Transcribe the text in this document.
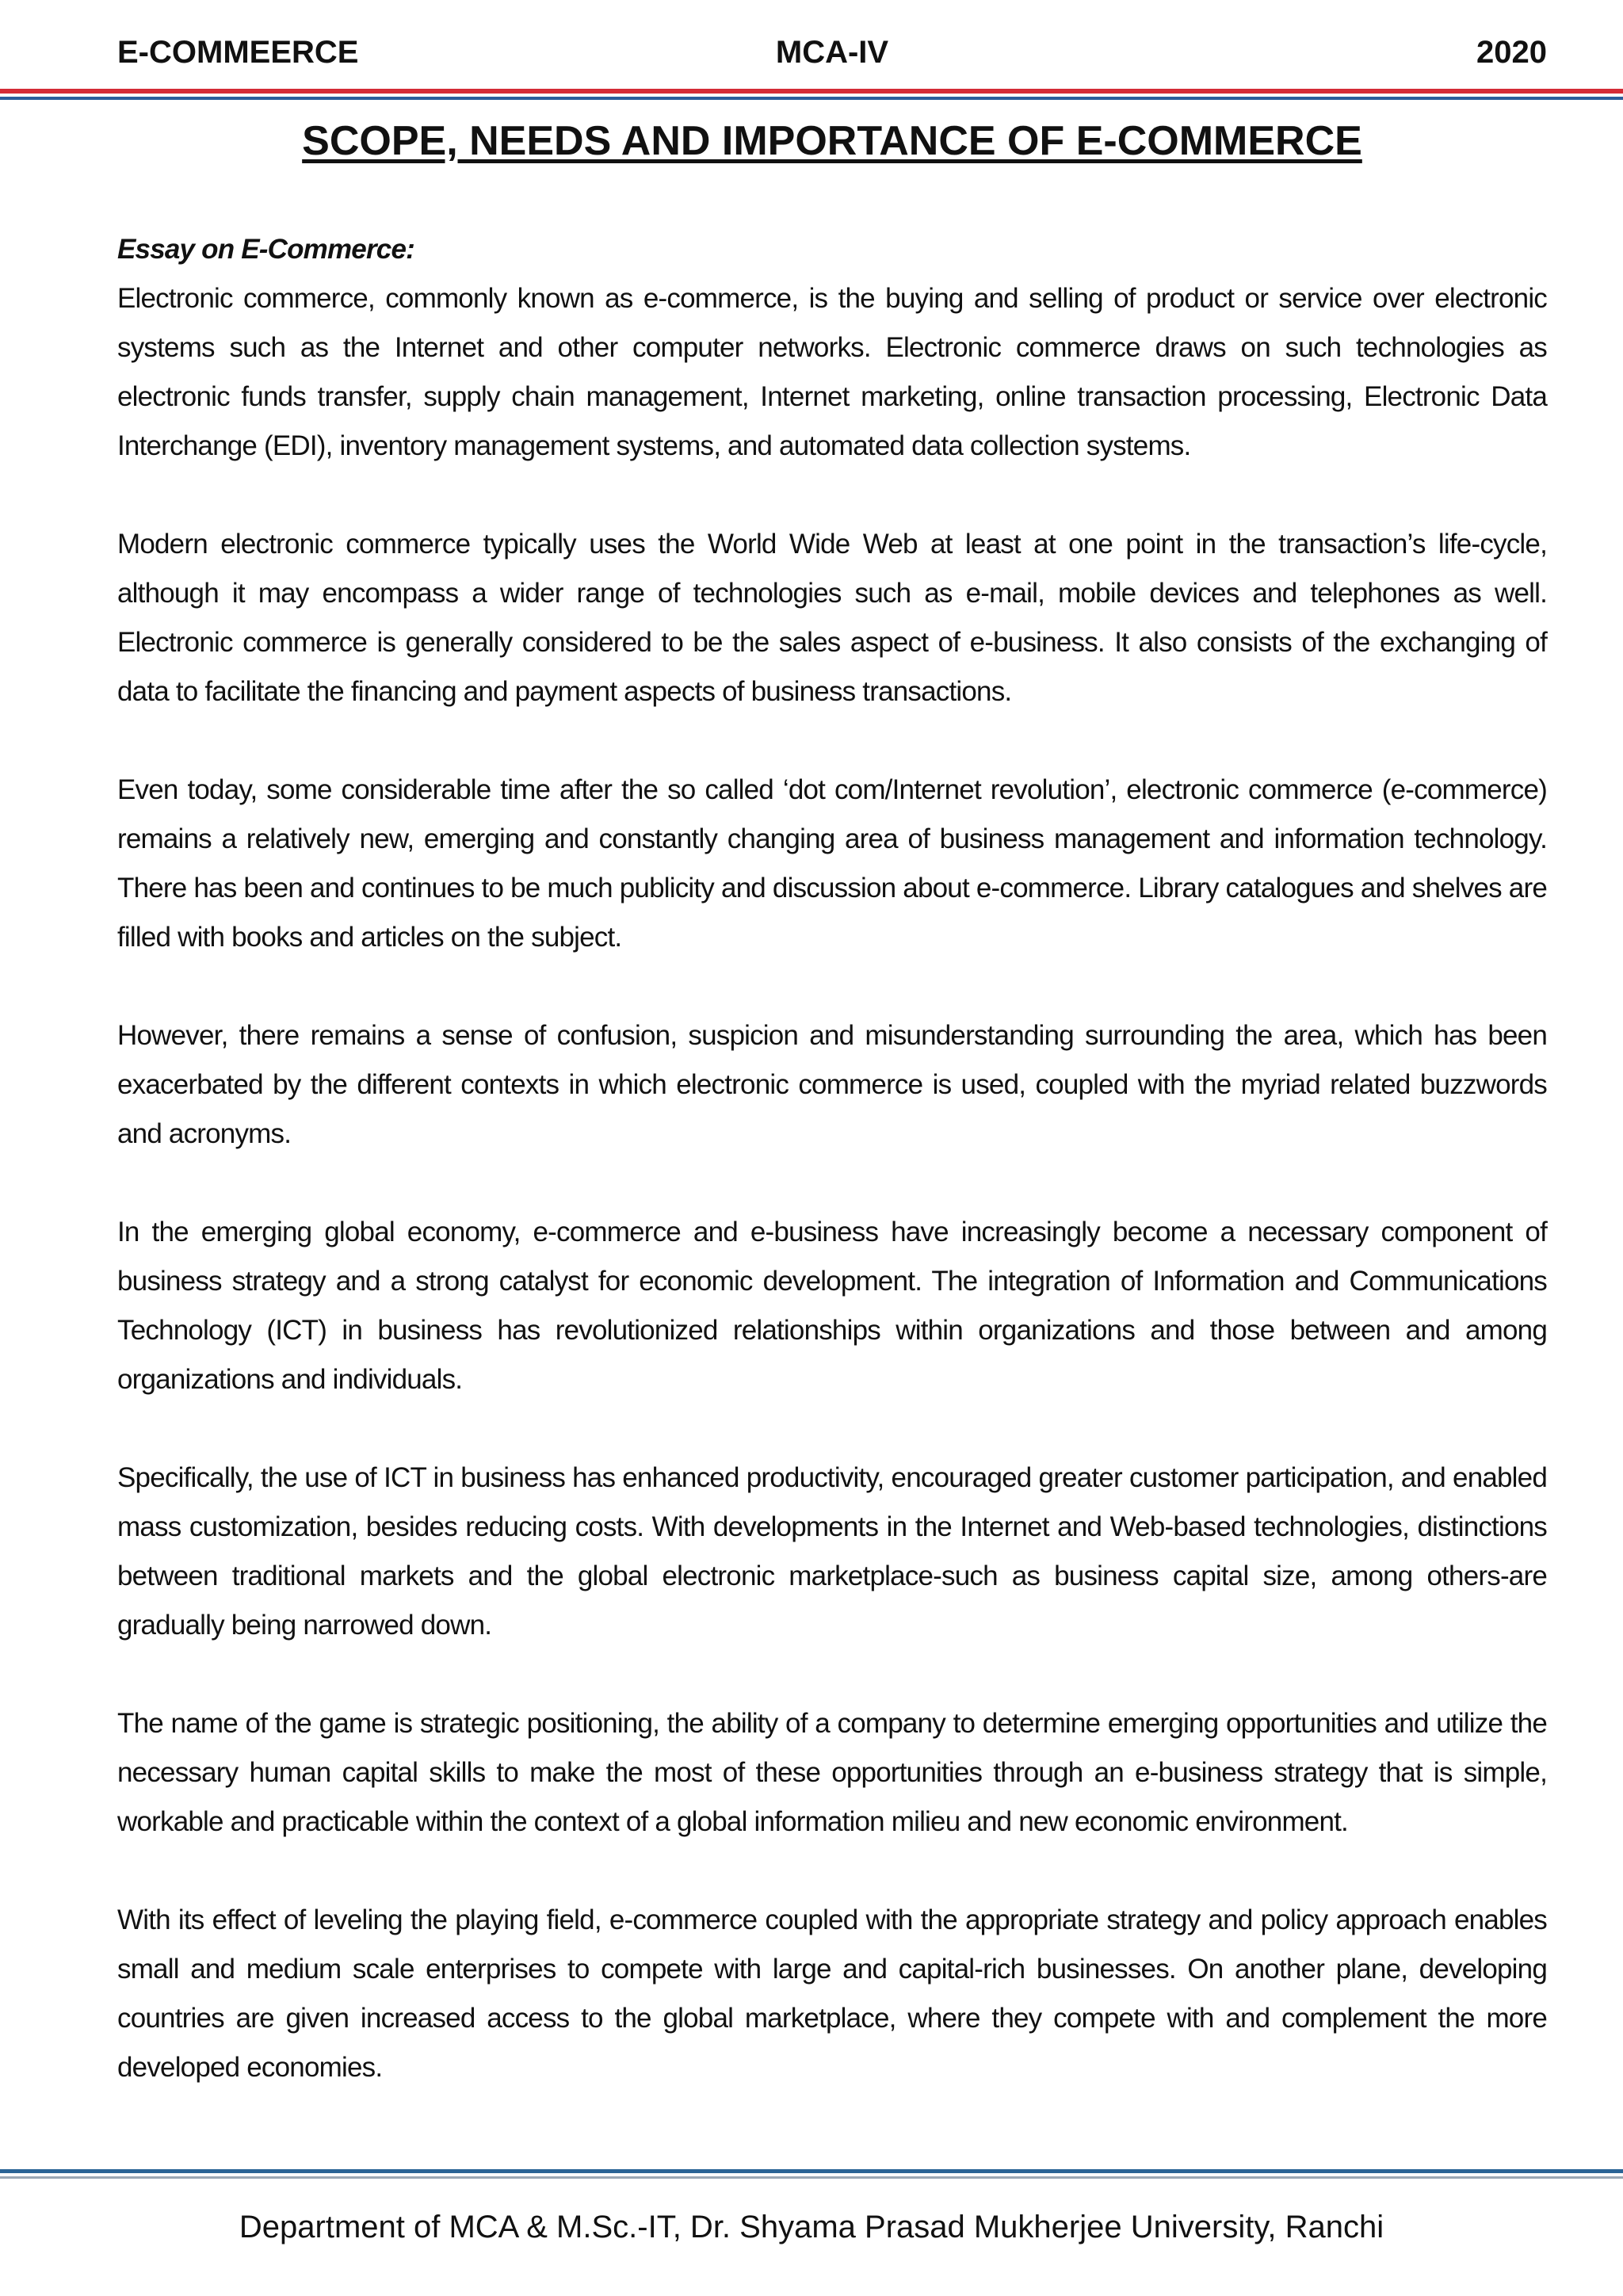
E-COMMEERCE	MCA-IV	2020
SCOPE, NEEDS AND IMPORTANCE OF E-COMMERCE

Essay on E-Commerce:

Electronic commerce, commonly known as e-commerce, is the buying and selling of product or service over electronic systems such as the Internet and other computer networks. Electronic commerce draws on such technologies as electronic funds transfer, supply chain management, Internet marketing, online transaction processing, Electronic Data Interchange (EDI), inventory management systems, and automated data collection systems.

Modern electronic commerce typically uses the World Wide Web at least at one point in the transaction’s life-cycle, although it may encompass a wider range of technologies such as e-mail, mobile devices and telephones as well. Electronic commerce is generally considered to be the sales aspect of e-business. It also consists of the exchanging of data to facilitate the financing and payment aspects of business transactions.

Even today, some considerable time after the so called ‘dot com/Internet revolution’, electronic commerce (e-commerce) remains a relatively new, emerging and constantly changing area of business management and information technology. There has been and continues to be much publicity and discussion about e-commerce. Library catalogues and shelves are filled with books and articles on the subject.

However, there remains a sense of confusion, suspicion and misunderstanding surrounding the area, which has been exacerbated by the different contexts in which electronic commerce is used, coupled with the myriad related buzzwords and acronyms.

In the emerging global economy, e-commerce and e-business have increasingly become a necessary component of business strategy and a strong catalyst for economic development. The integration of Information and Communications Technology (ICT) in business has revolutionized relationships within organizations and those between and among organizations and individuals.

Specifically, the use of ICT in business has enhanced productivity, encouraged greater customer participation, and enabled mass customization, besides reducing costs. With developments in the Internet and Web-based technologies, distinctions between traditional markets and the global electronic marketplace-such as business capital size, among others-are gradually being narrowed down.

The name of the game is strategic positioning, the ability of a company to determine emerging opportunities and utilize the necessary human capital skills to make the most of these opportunities through an e-business strategy that is simple, workable and practicable within the context of a global information milieu and new economic environment.

With its effect of leveling the playing field, e-commerce coupled with the appropriate strategy and policy approach enables small and medium scale enterprises to compete with large and capital-rich businesses. On another plane, developing countries are given increased access to the global marketplace, where they compete with and complement the more developed economies.

Department of MCA & M.Sc.-IT, Dr. Shyama Prasad Mukherjee University, Ranchi
